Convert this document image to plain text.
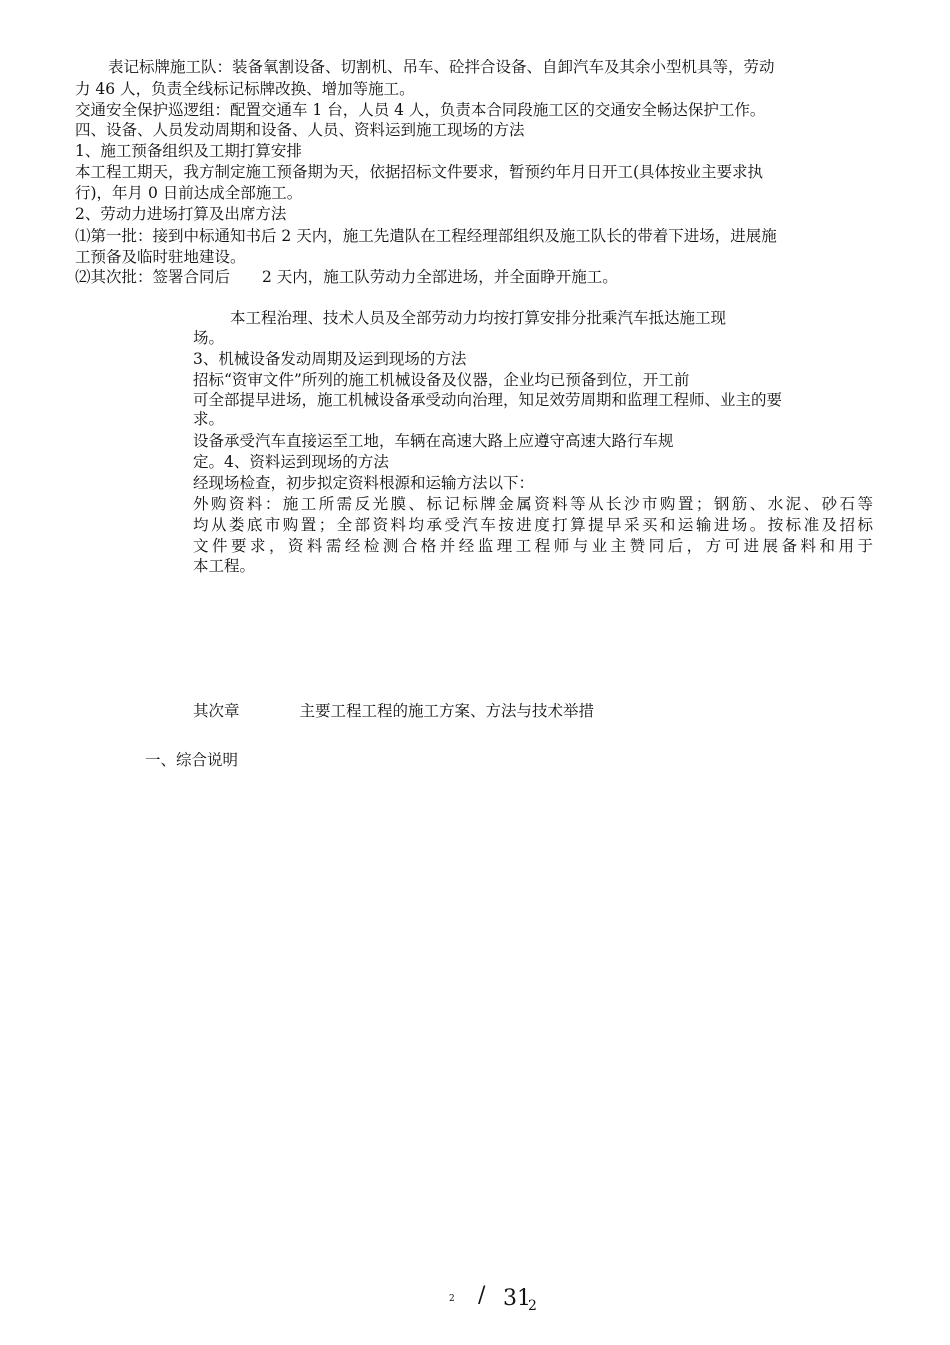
表记标牌施工队：装备氧割设备、切割机、吊车、砼拌合设备、自卸汽车及其余小型机具等，劳动

力 46 人，负责全线标记标牌改换、增加等施工。

交通安全保护巡逻组：配置交通车 1 台，人员 4 人，负责本合同段施工区的交通安全畅达保护工作。

四、设备、人员发动周期和设备、人员、资料运到施工现场的方法

1、施工预备组织及工期打算安排

本工程工期天，我方制定施工预备期为天，依据招标文件要求，暂预约年月日开工(具体按业主要求执

行)，年月 0 日前达成全部施工。

2、劳动力进场打算及出席方法

⑴第一批：接到中标通知书后 2 天内，施工先遣队在工程经理部组织及施工队长的带着下进场，进展施

工预备及临时驻地建设。

⑵其次批：签署合同后 2 天内，施工队劳动力全部进场，并全面睁开施工。

本工程治理、技术人员及全部劳动力均按打算安排分批乘汽车抵达施工现

场。

3、机械设备发动周期及运到现场的方法

招标“资审文件”所列的施工机械设备及仪器，企业均已预备到位，开工前

可全部提早进场，施工机械设备承受动向治理，知足效劳周期和监理工程师、业主的要

求。

设备承受汽车直接运至工地，车辆在高速大路上应遵守高速大路行车规

定。4、资料运到现场的方法

经现场检查，初步拟定资料根源和运输方法以下：

外购资料：施工所需反光膜、标记标牌金属资料等从长沙市购置；钢筋、水泥、砂石等

均从娄底市购置；全部资料均承受汽车按进度打算提早采买和运输进场。按标准及招标

文件要求，资料需经检测合格并经监理工程师与业主赞同后，方可进展备料和用于

本工程。

其次章	主要工程工程的施工方案、方法与技术举措

一、综合说明

2 / 31
2
